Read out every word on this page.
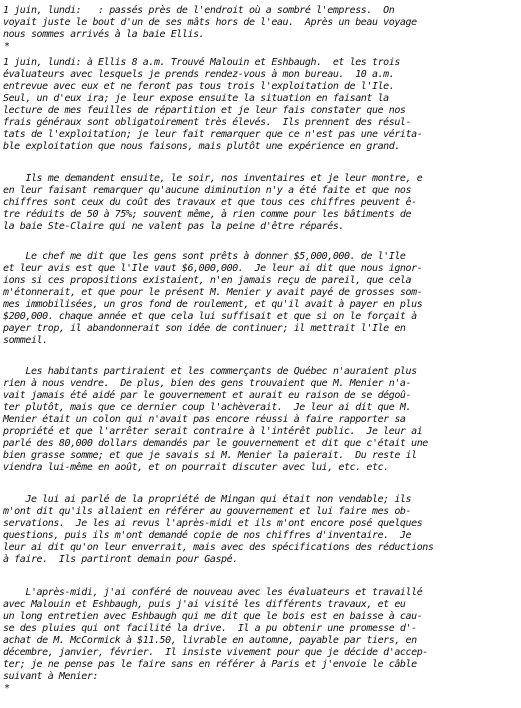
1 juin, lundi:   : passés près de l'endroit où a sombré l'empress.  On
voyait juste le bout d'un de ses mâts hors de l'eau.  Après un beau voyage
nous sommes arrivés à la baie Ellis.
*
1 juin, lundi: à Ellis 8 a.m. Trouvé Malouin et Eshbaugh.  et les trois
évaluateurs avec lesquels je prends rendez-vous à mon bureau.  10 a.m.
entrevue avec eux et ne feront pas tous trois l'exploitation de l'Ile.
Seul, un d'eux ira; je leur expose ensuite la situation en faisant la
lecture de mes feuilles de répartition et je leur fais constater que nos
frais généraux sont obligatoirement très élevés.  Ils prennent des résul-
tats de l'exploitation; je leur fait remarquer que ce n'est pas une vérita-
ble exploitation que nous faisons, mais plutôt une expérience en grand.
Ils me demandent ensuite, le soir, nos inventaires et je leur montre, e
en leur faisant remarquer qu'aucune diminution n'y a été faite et que nos
chiffres sont ceux du coût des travaux et que tous ces chiffres peuvent ê-
tre réduits de 50 à 75%; souvent même, à rien comme pour les bâtiments de
la baie Ste-Claire qui ne valent pas la peine d'être réparés.
Le chef me dit que les gens sont prêts à donner $5,000,000. de l'Ile
et leur avis est que l'Ile vaut $6,000,000.  Je leur ai dit que nous ignor-
ions si ces propositions existaient, n'en jamais reçu de pareil, que cela
m'étonnerait, et que pour le présent M. Menier y avait payé de grosses som-
mes immobilisées, un gros fond de roulement, et qu'il avait à payer en plus
$200,000. chaque année et que cela lui suffisait et que si on le forçait à
payer trop, il abandonnerait son idée de continuer; il mettrait l'Ile en
sommeil.
Les habitants partiraient et les commerçants de Québec n'auraient plus
rien à nous vendre.  De plus, bien des gens trouvaient que M. Menier n'a-
vait jamais été aidé par le gouvernement et aurait eu raison de se dégoû-
ter plutôt, mais que ce dernier coup l'achèverait.  Je leur ai dit que M.
Menier était un colon qui n'avait pas encore réussi à faire rapporter sa
propriété et que l'arrêter serait contraire à l'intérêt public.  Je leur ai
parlé des 80,000 dollars demandés par le gouvernement et dit que c'était une
bien grasse somme; et que je savais si M. Menier la paierait.  Du reste il
viendra lui-même en août, et on pourrait discuter avec lui, etc. etc.
Je lui ai parlé de la propriété de Mingan qui était non vendable; ils
m'ont dit qu'ils allaient en référer au gouvernement et lui faire mes ob-
servations.  Je les ai revus l'après-midi et ils m'ont encore posé quelques
questions, puis ils m'ont demandé copie de nos chiffres d'inventaire.  Je
leur ai dit qu'on leur enverrait, mais avec des spécifications des réductions
à faire.  Ils partiront demain pour Gaspé.
L'après-midi, j'ai conféré de nouveau avec les évaluateurs et travaillé
avec Malouin et Eshbaugh, puis j'ai visité les différents travaux, et eu
un long entretien avec Eshbaugh qui me dit que le bois est en baisse à cau-
se des pluies qui ont facilité la drive.  Il a pu obtenir une promesse d'-
achat de M. McCormick à $11.50, livrable en automne, payable par tiers, en
décembre, janvier, février.  Il insiste vivement pour que je décide d'accep-
ter; je ne pense pas le faire sans en référer à Paris et j'envoie le câble
suivant à Menier:
*
